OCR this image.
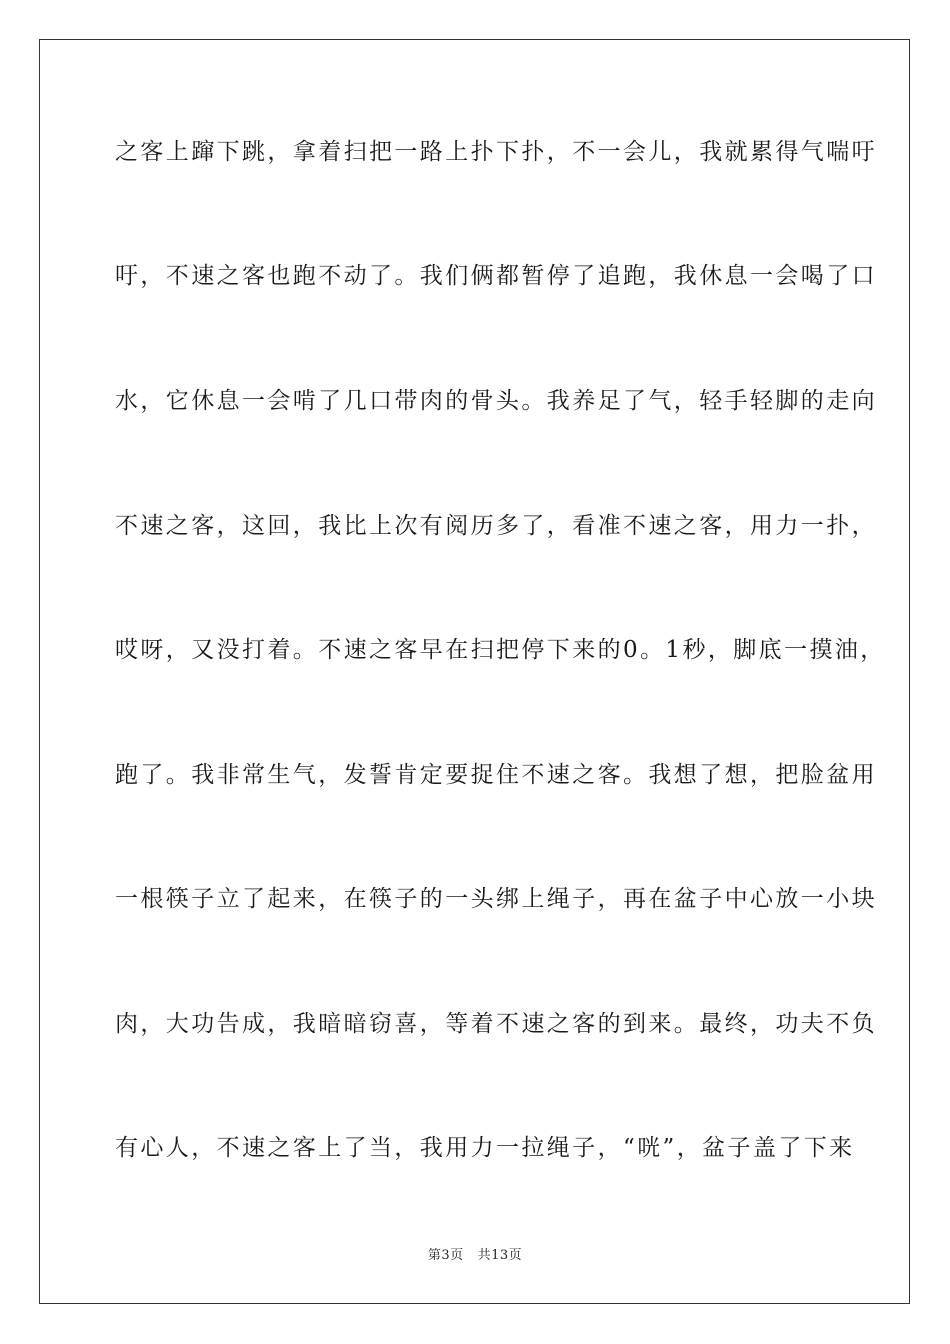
之客上蹿下跳，拿着扫把一路上扑下扑，不一会儿，我就累得气喘吁
吁，不速之客也跑不动了。我们俩都暂停了追跑，我休息一会喝了口
水，它休息一会啃了几口带肉的骨头。我养足了气，轻手轻脚的走向
不速之客，这回，我比上次有阅历多了，看准不速之客，用力一扑，
哎呀，又没打着。不速之客早在扫把停下来的0。1秒，脚底一摸油，
跑了。我非常生气，发誓肯定要捉住不速之客。我想了想，把脸盆用
一根筷子立了起来，在筷子的一头绑上绳子，再在盆子中心放一小块
肉，大功告成，我暗暗窃喜，等着不速之客的到来。最终，功夫不负
有心人，不速之客上了当，我用力一拉绳子，“咣”，盆子盖了下来
第3页 共13页
